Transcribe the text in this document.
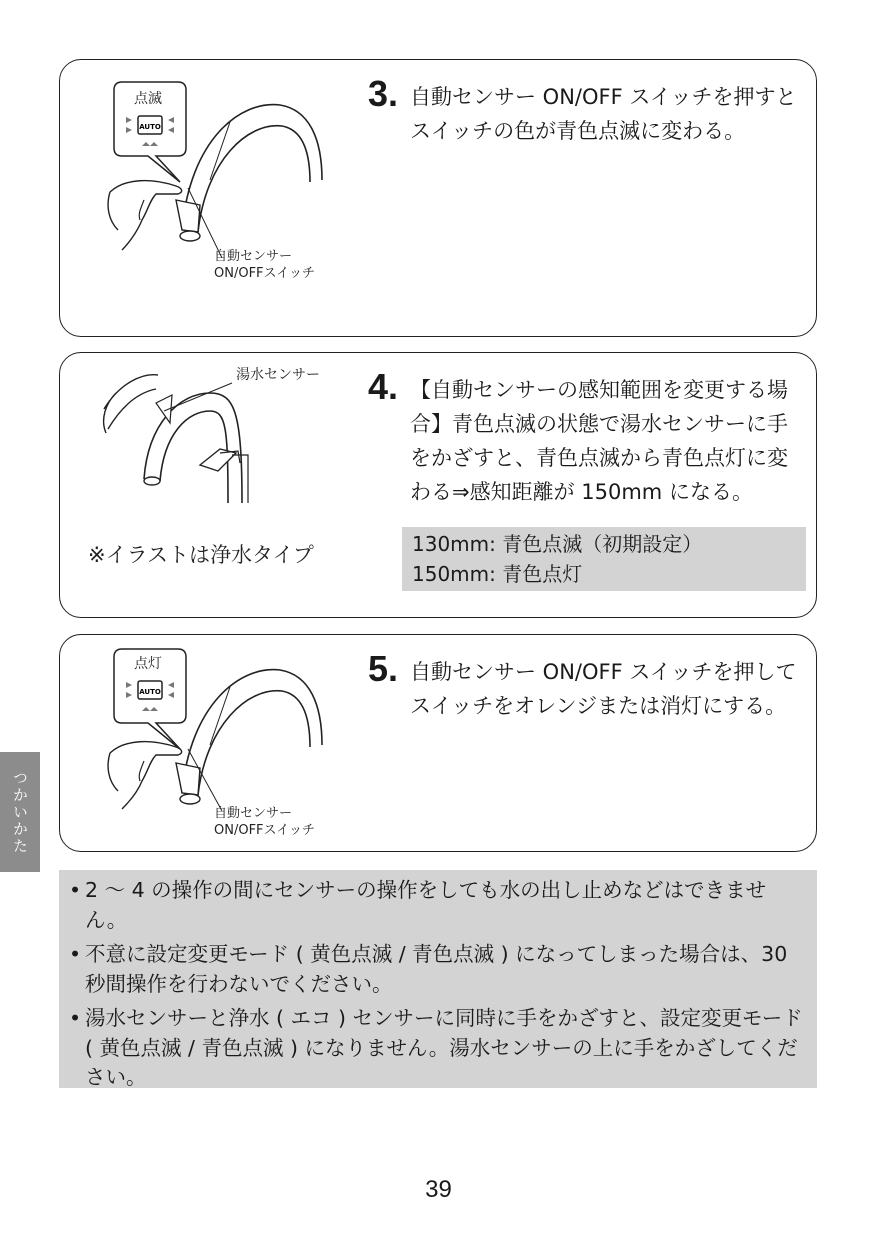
AUTO
点滅
自動センサー
ON/OFFスイッチ
3. 自動センサー ON/OFF スイッチを押すとスイッチの色が青色点滅に変わる。

湯水センサー
※イラストは浄水タイプ
4. 【自動センサーの感知範囲を変更する場合】青色点滅の状態で湯水センサーに手をかざすと、青色点滅から青色点灯に変わる⇒感知距離が 150mm になる。

130mm: 青色点滅（初期設定）
150mm: 青色点灯
AUTO
点灯
自動センサー
ON/OFFスイッチ
5. 自動センサー ON/OFF スイッチを押してスイッチをオレンジまたは消灯にする。

つかいかた
• 2 ～ 4 の操作の間にセンサーの操作をしても水の出し止めなどはできません。
• 不意に設定変更モード ( 黄色点滅 / 青色点滅 ) になってしまった場合は、30 秒間操作を行わないでください。
• 湯水センサーと浄水 ( エコ ) センサーに同時に手をかざすと、設定変更モード ( 黄色点滅 / 青色点滅 ) になりません。湯水センサーの上に手をかざしてください。
39
